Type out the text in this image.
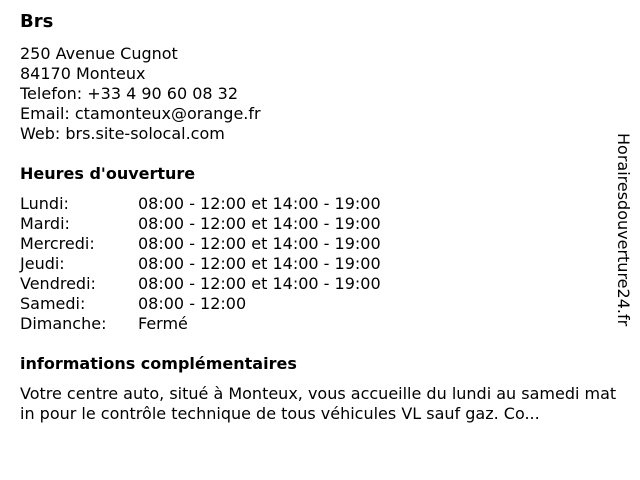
Brs
250 Avenue Cugnot
84170 Monteux
Telefon: +33 4 90 60 08 32
Email: ctamonteux@orange.fr
Web: brs.site-solocal.com
Heures d'ouverture
Lundi:	08:00 - 12:00 et 14:00 - 19:00
Mardi:	08:00 - 12:00 et 14:00 - 19:00
Mercredi:	08:00 - 12:00 et 14:00 - 19:00
Jeudi:	08:00 - 12:00 et 14:00 - 19:00
Vendredi:	08:00 - 12:00 et 14:00 - 19:00
Samedi:	08:00 - 12:00
Dimanche:	Fermé
informations complémentaires
Votre centre auto, situé à Monteux, vous accueille du lundi au samedi matin pour le contrôle technique de tous véhicules VL sauf gaz. Co...
Horairesdouverture24.fr
